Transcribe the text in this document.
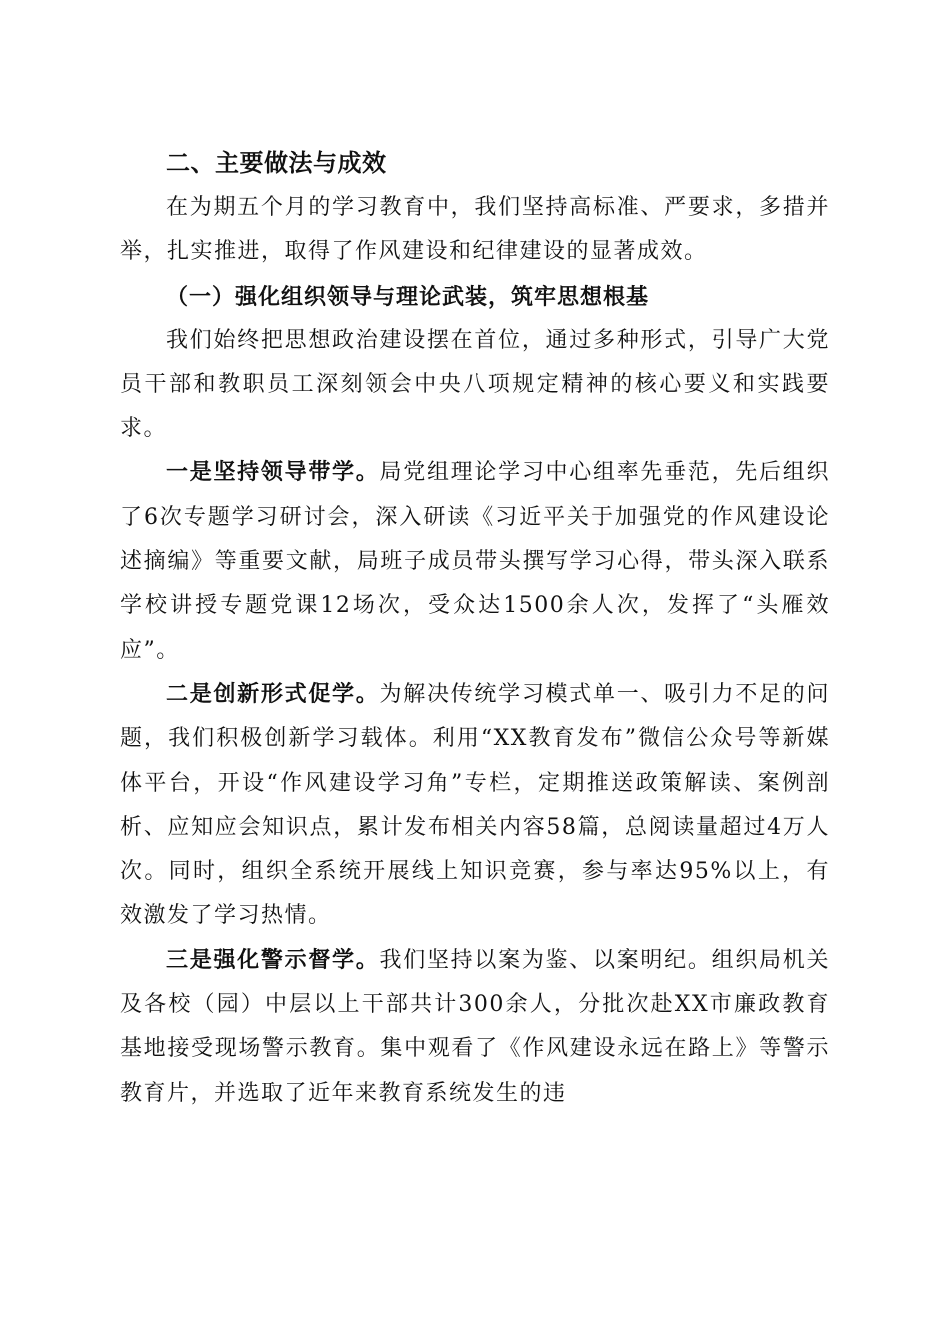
二、主要做法与成效

在为期五个月的学习教育中，我们坚持高标准、严要求，多措并举，扎实推进，取得了作风建设和纪律建设的显著成效。

（一）强化组织领导与理论武装，筑牢思想根基

我们始终把思想政治建设摆在首位，通过多种形式，引导广大党员干部和教职员工深刻领会中央八项规定精神的核心要义和实践要求。

一是坚持领导带学。局党组理论学习中心组率先垂范，先后组织了6次专题学习研讨会，深入研读《习近平关于加强党的作风建设论述摘编》等重要文献，局班子成员带头撰写学习心得，带头深入联系学校讲授专题党课12场次，受众达1500余人次，发挥了“头雁效应”。

二是创新形式促学。为解决传统学习模式单一、吸引力不足的问题，我们积极创新学习载体。利用“XX教育发布”微信公众号等新媒体平台，开设“作风建设学习角”专栏，定期推送政策解读、案例剖析、应知应会知识点，累计发布相关内容58篇，总阅读量超过4万人次。同时，组织全系统开展线上知识竞赛，参与率达95%以上，有效激发了学习热情。

三是强化警示督学。我们坚持以案为鉴、以案明纪。组织局机关及各校（园）中层以上干部共计300余人，分批次赴XX市廉政教育基地接受现场警示教育。集中观看了《作风建设永远在路上》等警示教育片，并选取了近年来教育系统发生的违
